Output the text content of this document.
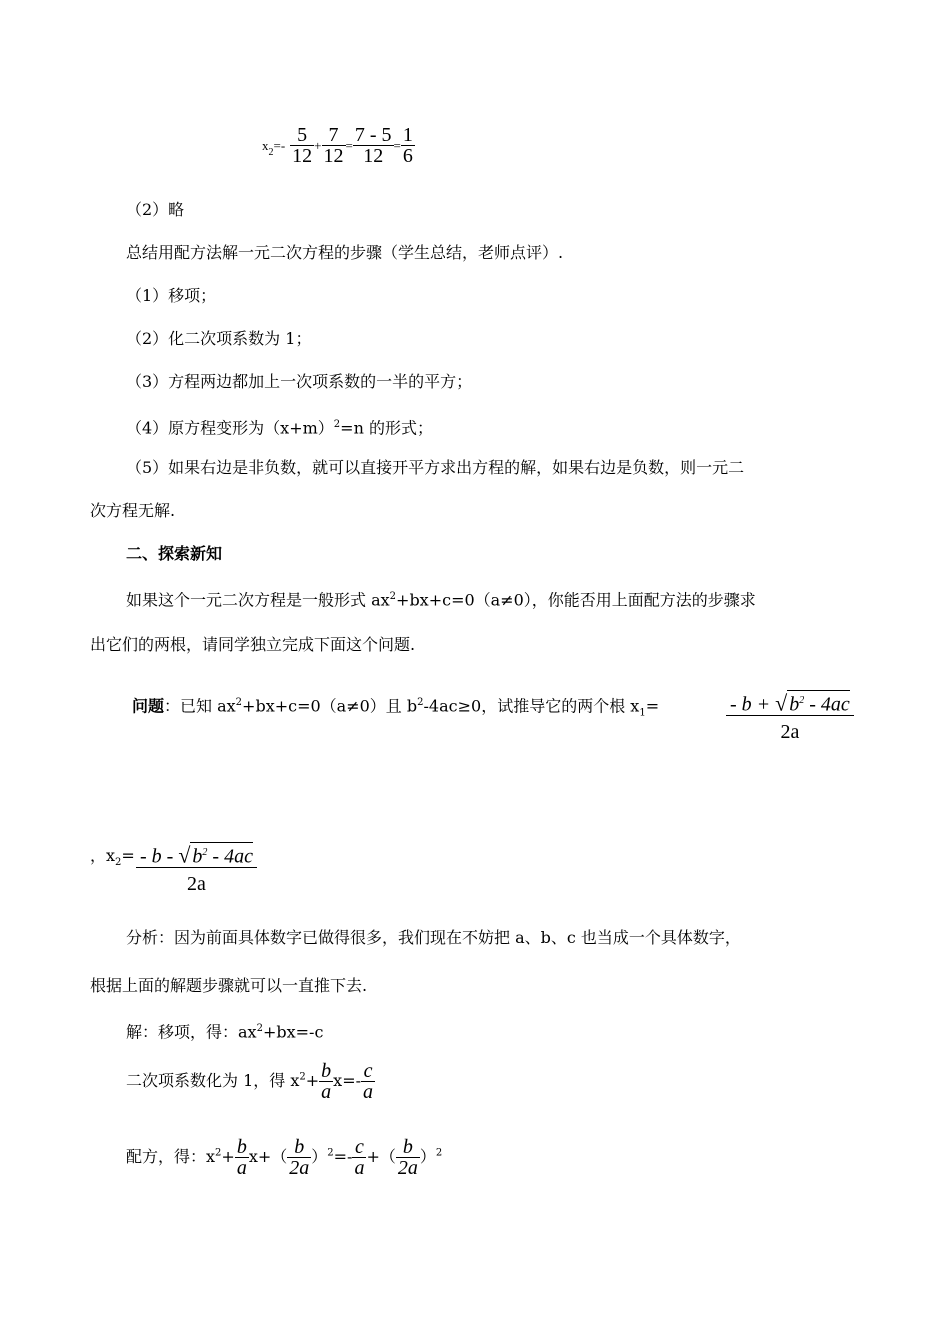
$x_2=- \frac{5}{12} + \frac{7}{12} = \frac{7 - 5}{12} = \frac{1}{6}$
（2）略
总结用配方法解一元二次方程的步骤（学生总结，老师点评）.
（1）移项；
（2）化二次项系数为 1；
（3）方程两边都加上一次项系数的一半的平方；
（4）原方程变形为$(x+m)^2=n$ 的形式；
（5）如果右边是非负数，就可以直接开平方求出方程的解，如果右边是负数，则一元二
次方程无解.
二、探索新知
如果这个一元二次方程是一般形式 $ax^2+bx+c=0(a\ne 0)$，你能否用上面配方法的步骤求
出它们的两根，请同学独立完成下面这个问题.
问题：已知 $ax^2+bx+c=0(a\ne 0)$且 $b^2-4ac\ge 0$，试推导它的两个根 $x_1=$	$\frac{- b + √ b^2 - 4ac}{2a}$
，$x_2= \frac{- b - √ b^2 - 4ac}{2a}$
分析：因为前面具体数字已做得很多，我们现在不妨把 a、b、c 也当成一个具体数字，
根据上面的解题步骤就可以一直推下去.
解：移项，得：$ax^2+bx=-c$
二次项系数化为 1，得 $x^2+ \frac{b}{a} x=- \frac{c}{a}$
配方，得：$x^2+ \frac{b}{a} x+( \frac{b}{2a} )^2=- \frac{c}{a}$ +（ $\frac{b}{2a} )^2$
